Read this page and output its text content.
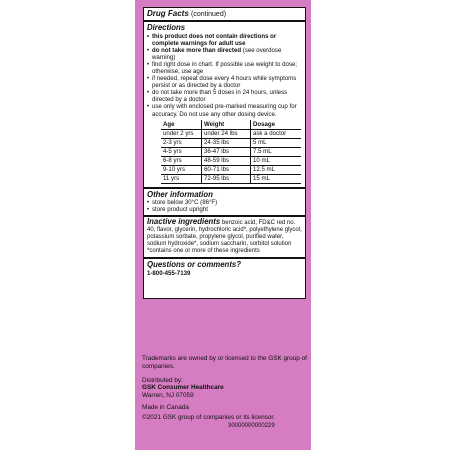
Drug Facts (continued)
Directions
• this product does not contain directions or complete warnings for adult use
• do not take more than directed (see overdose warning)
• find right dose in chart. If possible use weight to dose; otherwise, use age
• if needed, repeat dose every 4 hours while symptoms persist or as directed by a doctor
• do not take more than 5 doses in 24 hours, unless directed by a doctor
• use only with enclosed pre-marked measuring cup for accuracy. Do not use any other dosing device.
Age	Weight	Dosage
under 2 yrs	under 24 lbs	ask a doctor
2-3 yrs	24-35 lbs	5 mL
4-5 yrs	36-47 lbs	7.5 mL
6-8 yrs	48-59 lbs	10 mL
9-10 yrs	60-71 lbs	12.5 mL
11 yrs	72-95 lbs	15 mL
Other information
• store below 30°C (86°F)
• store product upright
Inactive ingredients benzoic acid, FD&C red no. 40, flavor, glycerin, hydrochloric acid*, polyethylene glycol, potassium sorbate, propylene glycol, purified water, sodium hydroxide*, sodium saccharin, sorbitol solution
*contains one or more of these ingredients
Questions or comments?
1-800-455-7139

Trademarks are owned by or licensed to the GSK group of companies.

Distributed by:
GSK Consumer Healthcare
Warren, NJ 07059

Made in Canada

©2021 GSK group of companies or its licensor.

30000000000229
